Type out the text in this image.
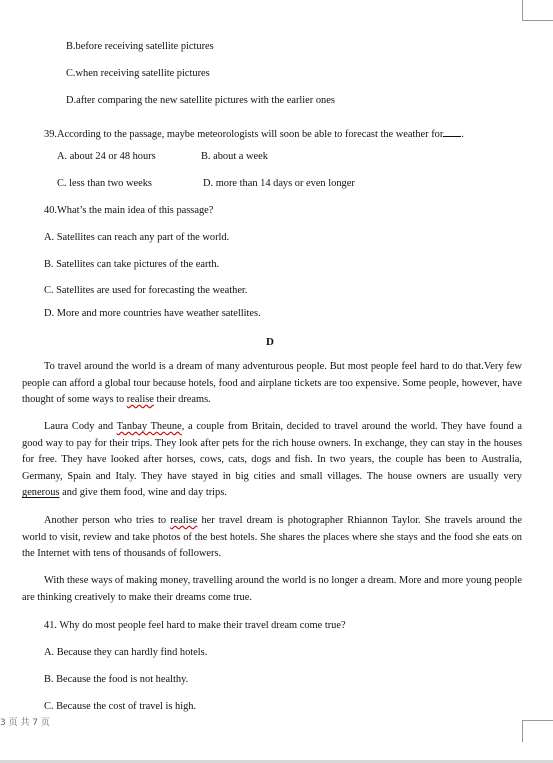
B.before receiving satellite pictures
C.when receiving satellite pictures
D.after comparing the new satellite pictures with the earlier ones
39.According to the passage, maybe meteorologists will soon be able to forecast the weather for .
A. about 24 or 48 hours	B. about a week
C. less than two weeks	D. more than 14 days or even longer
40.What’s the main idea of this passage?
A. Satellites can reach any part of the world.
B. Satellites can take pictures of the earth.
C. Satellites are used for forecasting the weather.
D. More and more countries have weather satellites.
D
To travel around the world is a dream of many adventurous people. But most people feel hard to do that.Very few people can afford a global tour because hotels, food and airplane tickets are too expensive. Some people, however, have thought of some ways to realise their dreams.
Laura Cody and Tanbay Theune, a couple from Britain, decided to travel around the world. They have found a good way to pay for their trips. They look after pets for the rich house owners. In exchange, they can stay in the houses for free. They have looked after horses, cows, cats, dogs and fish. In two years, the couple has been to Australia, Germany, Spain and Italy. They have stayed in big cities and small villages. The house owners are usually very generous and give them food, wine and day trips.
Another person who tries to realise her travel dream is photographer Rhiannon Taylor. She travels around the world to visit, review and take photos of the best hotels. She shares the places where she stays and the food she eats on the Internet with tens of thousands of followers.
With these ways of making money, travelling around the world is no longer a dream. More and more young people are thinking creatively to make their dreams come true.
41. Why do most people feel hard to make their travel dream come true?
A. Because they can hardly find hotels.
B. Because the food is not healthy.
C. Because the cost of travel is high.
3 页 共 7 页
